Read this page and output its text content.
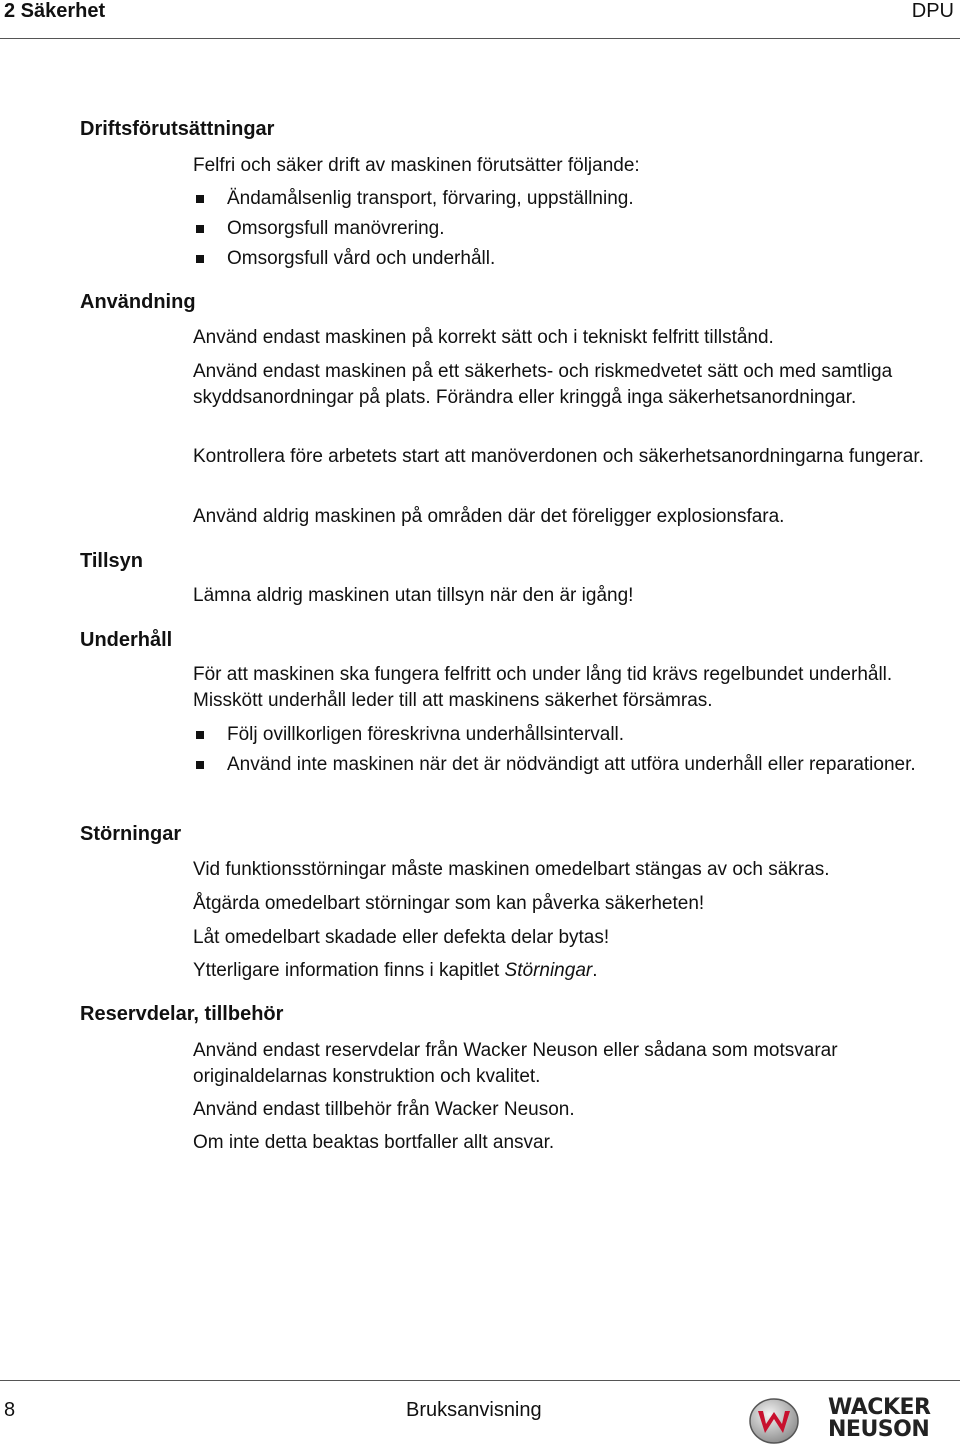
2 Säkerhet	DPU
Driftsförutsättningar
Felfri och säker drift av maskinen förutsätter följande:
Ändamålsenlig transport, förvaring, uppställning.
Omsorgsfull manövrering.
Omsorgsfull vård och underhåll.
Användning
Använd endast maskinen på korrekt sätt och i tekniskt felfritt tillstånd.
Använd endast maskinen på ett säkerhets- och riskmedvetet sätt och med samtliga skyddsanordningar på plats. Förändra eller kringgå inga säkerhetsanordningar.
Kontrollera före arbetets start att manöverdonen och säkerhetsanordningarna fungerar.
Använd aldrig maskinen på områden där det föreligger explosionsfara.
Tillsyn
Lämna aldrig maskinen utan tillsyn när den är igång!
Underhåll
För att maskinen ska fungera felfritt och under lång tid krävs regelbundet underhåll. Misskött underhåll leder till att maskinens säkerhet försämras.
Följ ovillkorligen föreskrivna underhållsintervall.
Använd inte maskinen när det är nödvändigt att utföra underhåll eller reparationer.
Störningar
Vid funktionsstörningar måste maskinen omedelbart stängas av och säkras.
Åtgärda omedelbart störningar som kan påverka säkerheten!
Låt omedelbart skadade eller defekta delar bytas!
Ytterligare information finns i kapitlet Störningar.
Reservdelar, tillbehör
Använd endast reservdelar från Wacker Neuson eller sådana som motsvarar originaldelarnas konstruktion och kvalitet.
Använd endast tillbehör från Wacker Neuson.
Om inte detta beaktas bortfaller allt ansvar.
8	Bruksanvisning	WACKER
NEUSON
